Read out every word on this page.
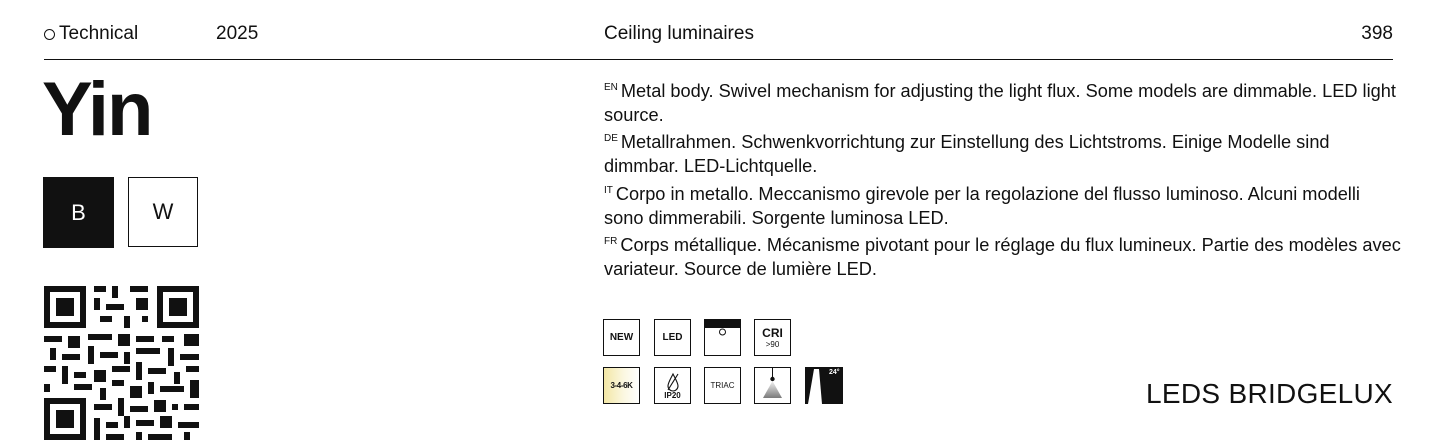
Technical	2025	Ceiling luminaires	398
Yin
B	W

$^{EN}$ Metal body. Swivel mechanism for adjusting the light flux. Some models are dimmable. LED light source.

$^{DE}$ Metallrahmen. Schwenkvorrichtung zur Einstellung des Lichtstroms. Einige Modelle sind dimmbar. LED-Lichtquelle.

$^{IT}$ Corpo in metallo. Meccanismo girevole per la regolazione del flusso luminoso. Alcuni modelli sono dimmerabili. Sorgente luminosa LED.

$^{FR}$ Corps métallique. Mécanisme pivotant pour le réglage du flux lumineux. Partie des modèles avec variateur. Source de lumière LED.

NEW	LED	CRI
>90
3-4-6K
IP20
TRIAC
24°
LEDS BRIDGELUX
